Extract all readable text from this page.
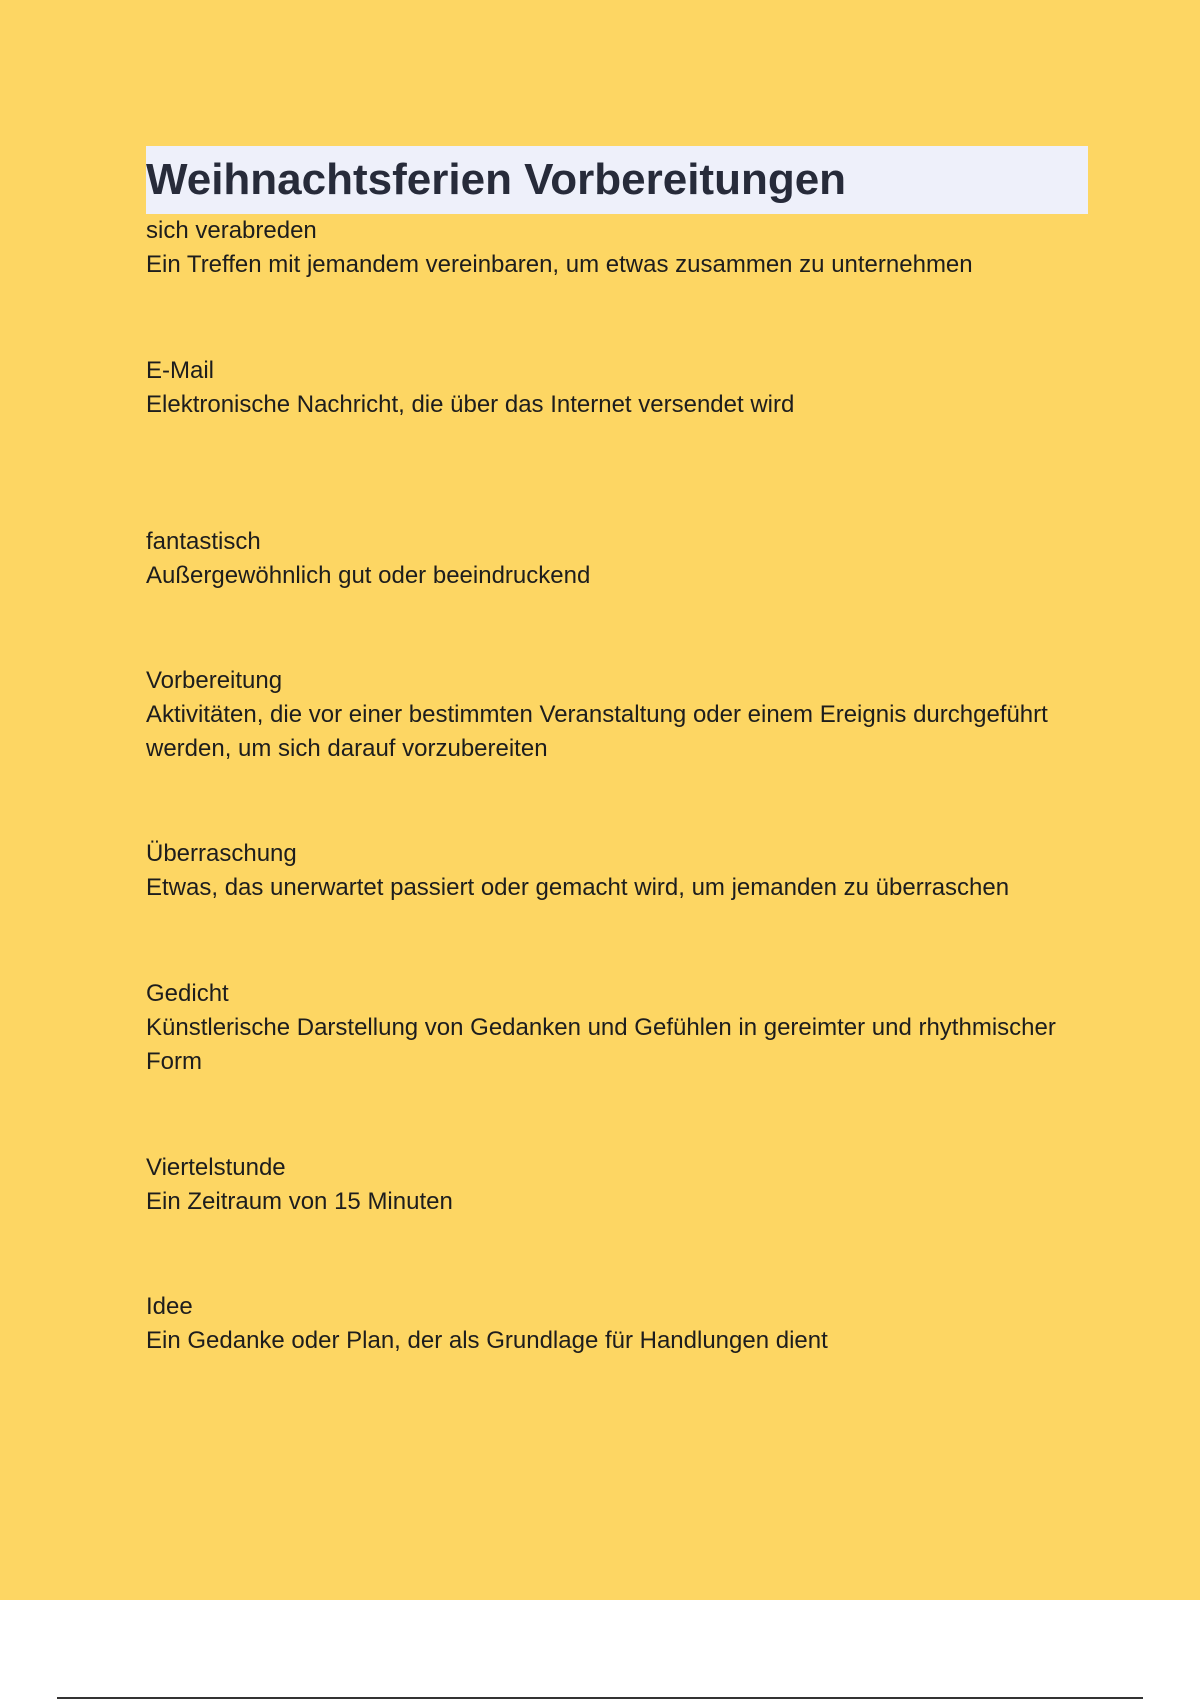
Weihnachtsferien Vorbereitungen
sich verabreden
Ein Treffen mit jemandem vereinbaren, um etwas zusammen zu unternehmen
E-Mail
Elektronische Nachricht, die über das Internet versendet wird
fantastisch
Außergewöhnlich gut oder beeindruckend
Vorbereitung
Aktivitäten, die vor einer bestimmten Veranstaltung oder einem Ereignis durchgeführt werden, um sich darauf vorzubereiten
Überraschung
Etwas, das unerwartet passiert oder gemacht wird, um jemanden zu überraschen
Gedicht
Künstlerische Darstellung von Gedanken und Gefühlen in gereimter und rhythmischer Form
Viertelstunde
Ein Zeitraum von 15 Minuten
Idee
Ein Gedanke oder Plan, der als Grundlage für Handlungen dient
